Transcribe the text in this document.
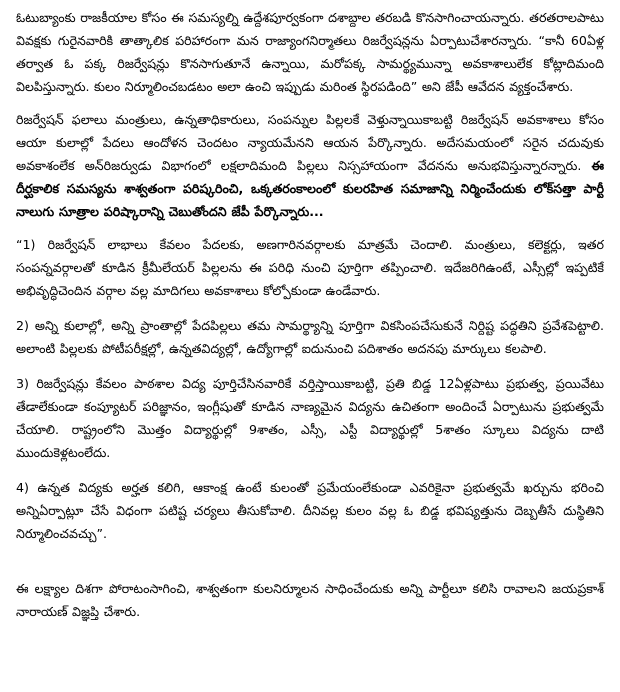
ఓటుబ్యాంకు రాజకీయాల కోసం ఈ సమస్యల్ని ఉద్దేశపూర్వకంగా దశాబ్దాల తరబడి కొనసాగించాయన్నారు. తరతరాలపాటు వివక్షకు గురైనవారికి తాత్కాలిక పరిహారంగా మన రాజ్యాంగనిర్మాతలు రిజర్వేషన్లను ఏర్పాటుచేశారన్నారు. “కానీ 60ఏళ్ల తర్వాత ఓ పక్క రిజర్వేషన్లు కొనసాగుతూనే ఉన్నాయి, మరోపక్క సామర్థ్యమున్నా అవకాశాలులేక కోట్లాదిమంది విలపిస్తున్నారు. కులం నిర్మూలించబడటం అలా ఉంచి ఇప్పుడు మరింత స్థిరపడింది” అని జేపీ ఆవేదన వ్యక్తంచేశారు.

రిజర్వేషన్ ఫలాలు మంత్రులు, ఉన్నతాధికారులు, సంపన్నుల పిల్లలకే వెళ్తున్నాయికాబట్టి రిజర్వేషన్ అవకాశాలు కోసం ఆయా కులాల్లో పేదలు ఆందోళన చెందటం న్యాయమేనని ఆయన పేర్కొన్నారు. అదేసమయంలో సరైన చదువుకు అవకాశంలేక అన్‌రిజర్వుడు విభాగంలో లక్షలాదిమంది పిల్లలు నిస్సహాయంగా వేదనను అనుభవిస్తున్నారన్నారు. ఈ దీర్ఘకాలిక సమస్యను శాశ్వతంగా పరిష్కరించి, ఒక్కతరంకాలంలో కులరహిత సమాజాన్ని నిర్మించేందుకు లోక్‌సత్తా పార్టీ నాలుగు సూత్రాల పరిష్కారాన్ని చెబుతోందని జేపీ పేర్కొన్నారు...

“1) రిజర్వేషన్ లాభాలు కేవలం పేదలకు, అణగారినవర్గాలకు మాత్రమే చెందాలి. మంత్రులు, కలెక్టర్లు, ఇతర సంపన్నవర్గాలతో కూడిన క్రీమీలేయర్ పిల్లలను ఈ పరిధి నుంచి పూర్తిగా తప్పించాలి. ఇదేజరిగిఉంటే, ఎస్సీల్లో ఇప్పటికే అభివృద్ధిచెందిన వర్గాల వల్ల మాదిగలు అవకాశాలు కోల్పోకుండా ఉండేవారు.

2) అన్ని కులాల్లో, అన్ని ప్రాంతాల్లో పేదపిల్లలు తమ సామర్థ్యాన్ని పూర్తిగా వికసింపచేసుకునే నిర్దిష్ట పద్ధతిని ప్రవేశపెట్టాలి. అలాంటి పిల్లలకు పోటీపరీక్షల్లో, ఉన్నతవిద్యల్లో, ఉద్యోగాల్లో ఐదునుంచి పదిశాతం అదనపు మార్కులు కలపాలి.

3) రిజర్వేషన్లు కేవలం పాఠశాల విద్య పూర్తిచేసినవారికే వర్తిస్తాయికాబట్టి, ప్రతి బిడ్డ 12ఏళ్లపాటు ప్రభుత్వ, ప్రయివేటు తేడాలేకుండా కంప్యూటర్ పరిజ్ఞానం, ఇంగ్లీషుతో కూడిన నాణ్యమైన విద్యను ఉచితంగా అందించే ఏర్పాటును ప్రభుత్వమే చేయాలి. రాష్ట్రంలోని మొత్తం విద్యార్థుల్లో 9శాతం, ఎస్సీ, ఎస్టీ విద్యార్థుల్లో 5శాతం స్కూలు విద్యను దాటి ముందుకెళ్లటంలేదు.

4) ఉన్నత విద్యకు అర్హత కలిగి, ఆకాంక్ష ఉంటే కులంతో ప్రమేయంలేకుండా ఎవరికైనా ప్రభుత్వమే ఖర్చును భరించి అన్నిఏర్పాట్లూ చేసే విధంగా పటిష్ట చర్యలు తీసుకోవాలి. దీనివల్ల కులం వల్ల ఓ బిడ్డ భవిష్యత్తును దెబ్బతీసే దుస్థితిని నిర్మూలించవచ్చు”.

ఈ లక్ష్యాల దిశగా పోరాటంసాగించి, శాశ్వతంగా కులనిర్మూలన సాధించేందుకు అన్ని పార్టీలూ కలిసి రావాలని జయప్రకాశ్ నారాయణ్ విజ్ఞప్తి చేశారు.
